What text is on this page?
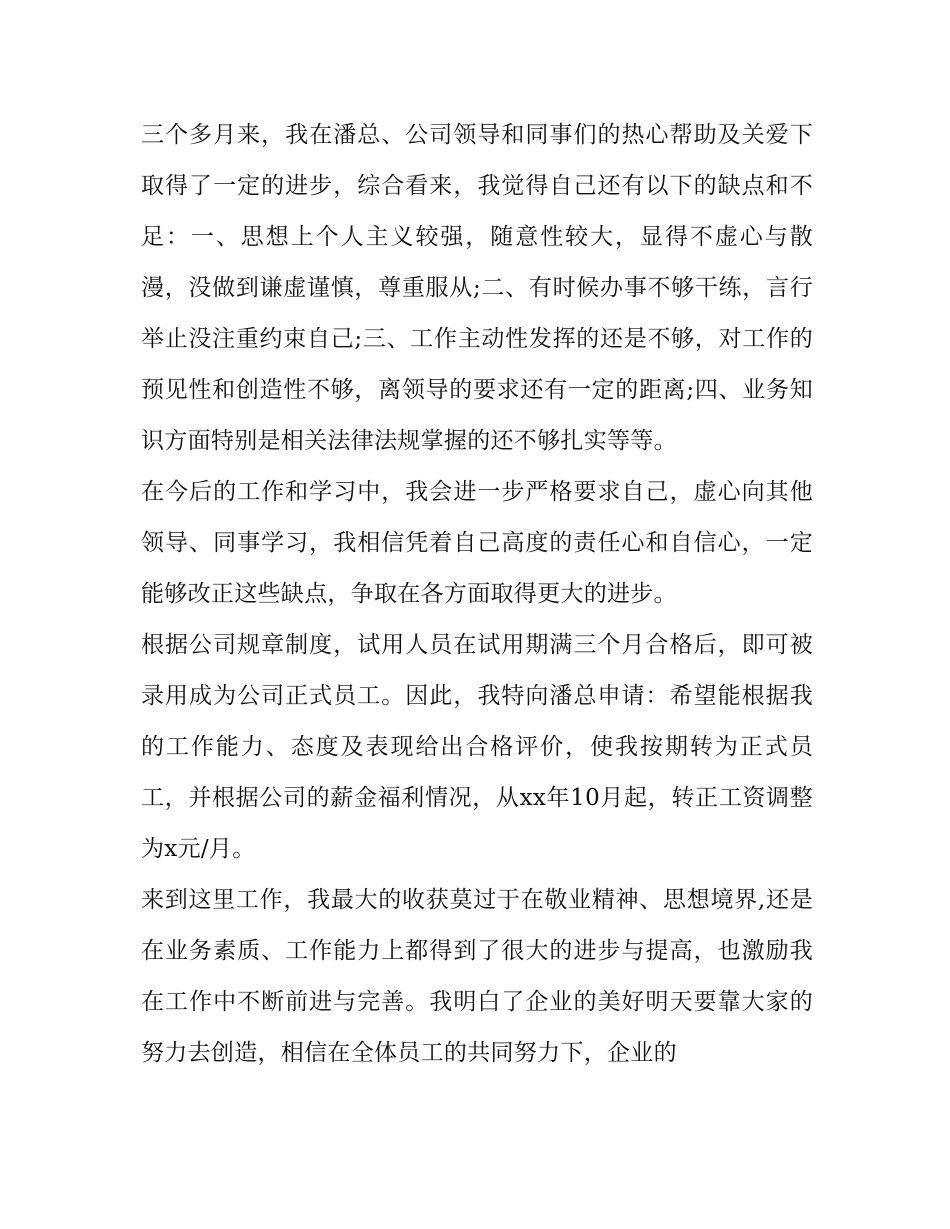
三个多月来，我在潘总、公司领导和同事们的热心帮助及关爱下取得了一定的进步，综合看来，我觉得自己还有以下的缺点和不足：一、思想上个人主义较强，随意性较大，显得不虚心与散漫，没做到谦虚谨慎，尊重服从;二、有时候办事不够干练，言行举止没注重约束自己;三、工作主动性发挥的还是不够，对工作的预见性和创造性不够，离领导的要求还有一定的距离;四、业务知识方面特别是相关法律法规掌握的还不够扎实等等。

在今后的工作和学习中，我会进一步严格要求自己，虚心向其他领导、同事学习，我相信凭着自己高度的责任心和自信心，一定能够改正这些缺点，争取在各方面取得更大的进步。

根据公司规章制度，试用人员在试用期满三个月合格后，即可被录用成为公司正式员工。因此，我特向潘总申请：希望能根据我的工作能力、态度及表现给出合格评价，使我按期转为正式员工，并根据公司的薪金福利情况，从xx年10月起，转正工资调整为x元/月。

来到这里工作，我最大的收获莫过于在敬业精神、思想境界,还是在业务素质、工作能力上都得到了很大的进步与提高，也激励我在工作中不断前进与完善。我明白了企业的美好明天要靠大家的努力去创造，相信在全体员工的共同努力下，企业的
